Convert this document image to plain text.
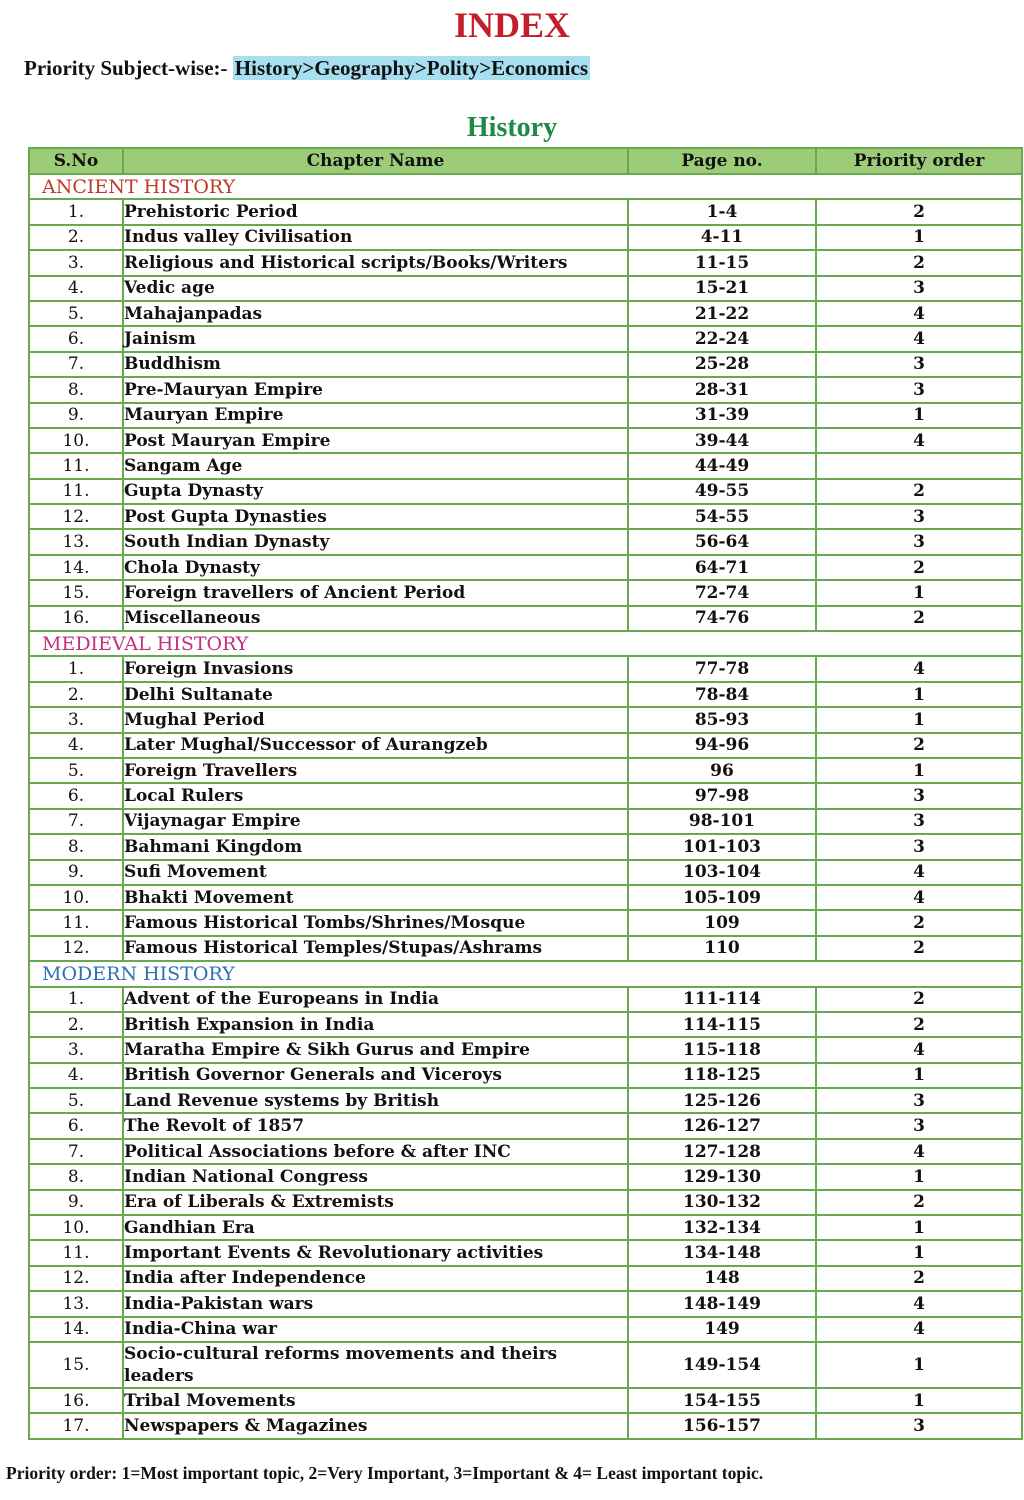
INDEX
Priority Subject-wise:- History>Geography>Polity>Economics
History
S.No	Chapter Name	Page no.	Priority order
ANCIENT HISTORY			
1.	Prehistoric Period	1-4	2
2.	Indus valley Civilisation	4-11	1
3.	Religious and Historical scripts/Books/Writers	11-15	2
4.	Vedic age	15-21	3
5.	Mahajanpadas	21-22	4
6.	Jainism	22-24	4
7.	Buddhism	25-28	3
8.	Pre-Mauryan Empire	28-31	3
9.	Mauryan Empire	31-39	1
10.	Post Mauryan Empire	39-44	4
11.	Sangam Age	44-49	
11.	Gupta Dynasty	49-55	2
12.	Post Gupta Dynasties	54-55	3
13.	South Indian Dynasty	56-64	3
14.	Chola Dynasty	64-71	2
15.	Foreign travellers of Ancient Period	72-74	1
16.	Miscellaneous	74-76	2
MEDIEVAL HISTORY			
1.	Foreign Invasions	77-78	4
2.	Delhi Sultanate	78-84	1
3.	Mughal Period	85-93	1
4.	Later Mughal/Successor of Aurangzeb	94-96	2
5.	Foreign Travellers	96	1
6.	Local Rulers	97-98	3
7.	Vijaynagar Empire	98-101	3
8.	Bahmani Kingdom	101-103	3
9.	Sufi Movement	103-104	4
10.	Bhakti Movement	105-109	4
11.	Famous Historical Tombs/Shrines/Mosque	109	2
12.	Famous Historical Temples/Stupas/Ashrams	110	2
MODERN HISTORY			
1.	Advent of the Europeans in India	111-114	2
2.	British Expansion in India	114-115	2
3.	Maratha Empire & Sikh Gurus and Empire	115-118	4
4.	British Governor Generals and Viceroys	118-125	1
5.	Land Revenue systems by British	125-126	3
6.	The Revolt of 1857	126-127	3
7.	Political Associations before & after INC	127-128	4
8.	Indian National Congress	129-130	1
9.	Era of Liberals & Extremists	130-132	2
10.	Gandhian Era	132-134	1
11.	Important Events & Revolutionary activities	134-148	1
12.	India after Independence	148	2
13.	India-Pakistan wars	148-149	4
14.	India-China war	149	4
15.	Socio-cultural reforms movements and theirs leaders	149-154	1
16.	Tribal Movements	154-155	1
17.	Newspapers & Magazines	156-157	3
Priority order: 1=Most important topic, 2=Very Important, 3=Important & 4= Least important topic.
